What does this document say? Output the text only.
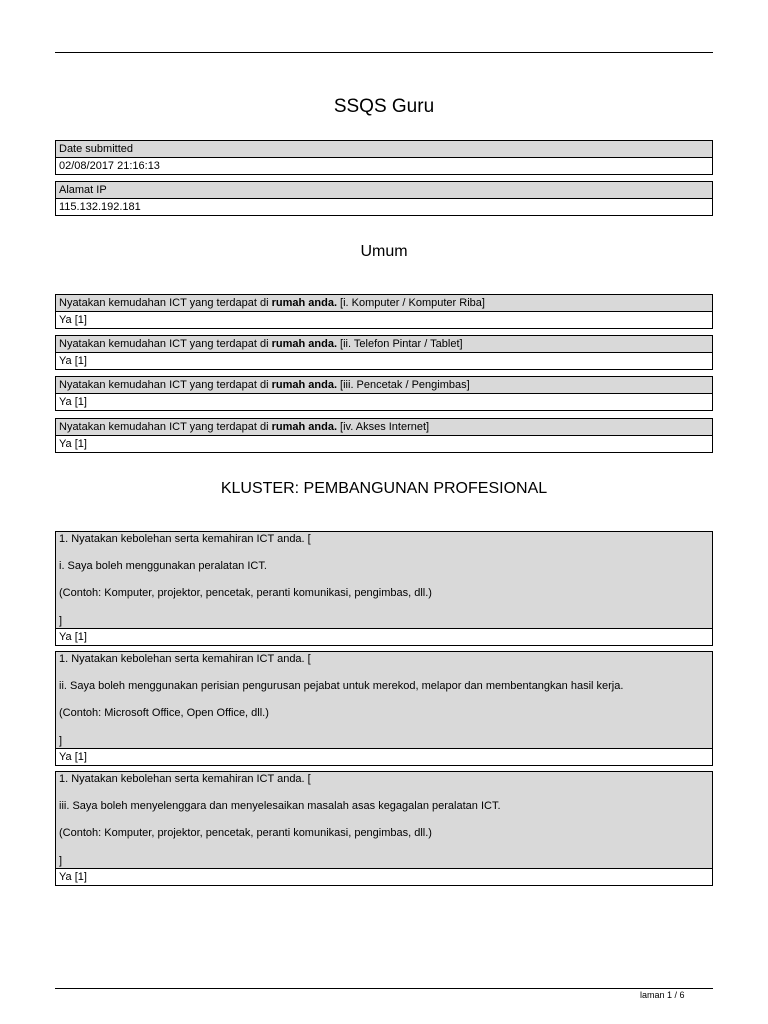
SSQS Guru
Date submitted
02/08/2017 21:16:13
Alamat IP
115.132.192.181
Umum
Nyatakan kemudahan ICT yang terdapat di rumah anda. [i. Komputer / Komputer Riba]
Ya [1]
Nyatakan kemudahan ICT yang terdapat di rumah anda. [ii. Telefon Pintar / Tablet]
Ya [1]
Nyatakan kemudahan ICT yang terdapat di rumah anda. [iii. Pencetak / Pengimbas]
Ya [1]
Nyatakan kemudahan ICT yang terdapat di rumah anda. [iv. Akses Internet]
Ya [1]
KLUSTER: PEMBANGUNAN PROFESIONAL

1. Nyatakan kebolehan serta kemahiran ICT anda. [

i. Saya boleh menggunakan peralatan ICT.

(Contoh: Komputer, projektor, pencetak, peranti komunikasi, pengimbas, dll.)

]

Ya [1]

1. Nyatakan kebolehan serta kemahiran ICT anda. [

ii. Saya boleh menggunakan perisian pengurusan pejabat untuk merekod, melapor dan membentangkan hasil kerja.

(Contoh: Microsoft Office, Open Office, dll.)

]

Ya [1]

1. Nyatakan kebolehan serta kemahiran ICT anda. [

iii. Saya boleh menyelenggara dan menyelesaikan masalah asas kegagalan peralatan ICT.

(Contoh: Komputer, projektor, pencetak, peranti komunikasi, pengimbas, dll.)

]

Ya [1]
laman 1 / 6
